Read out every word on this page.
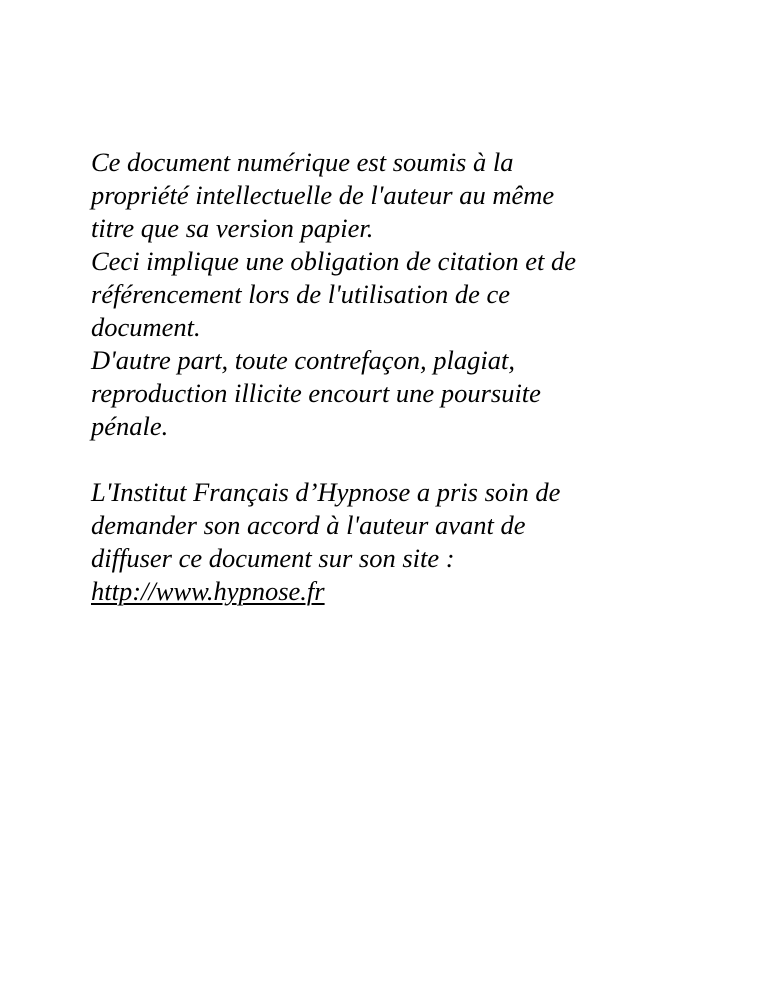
Ce document numérique est soumis à la
propriété intellectuelle de l'auteur au même
titre que sa version papier.
Ceci implique une obligation de citation et de
référencement lors de l'utilisation de ce
document.
D'autre part, toute contrefaçon, plagiat,
reproduction illicite encourt une poursuite
pénale.
L'Institut Français d’Hypnose a pris soin de
demander son accord à l'auteur avant de
diffuser ce document sur son site :
http://www.hypnose.fr
